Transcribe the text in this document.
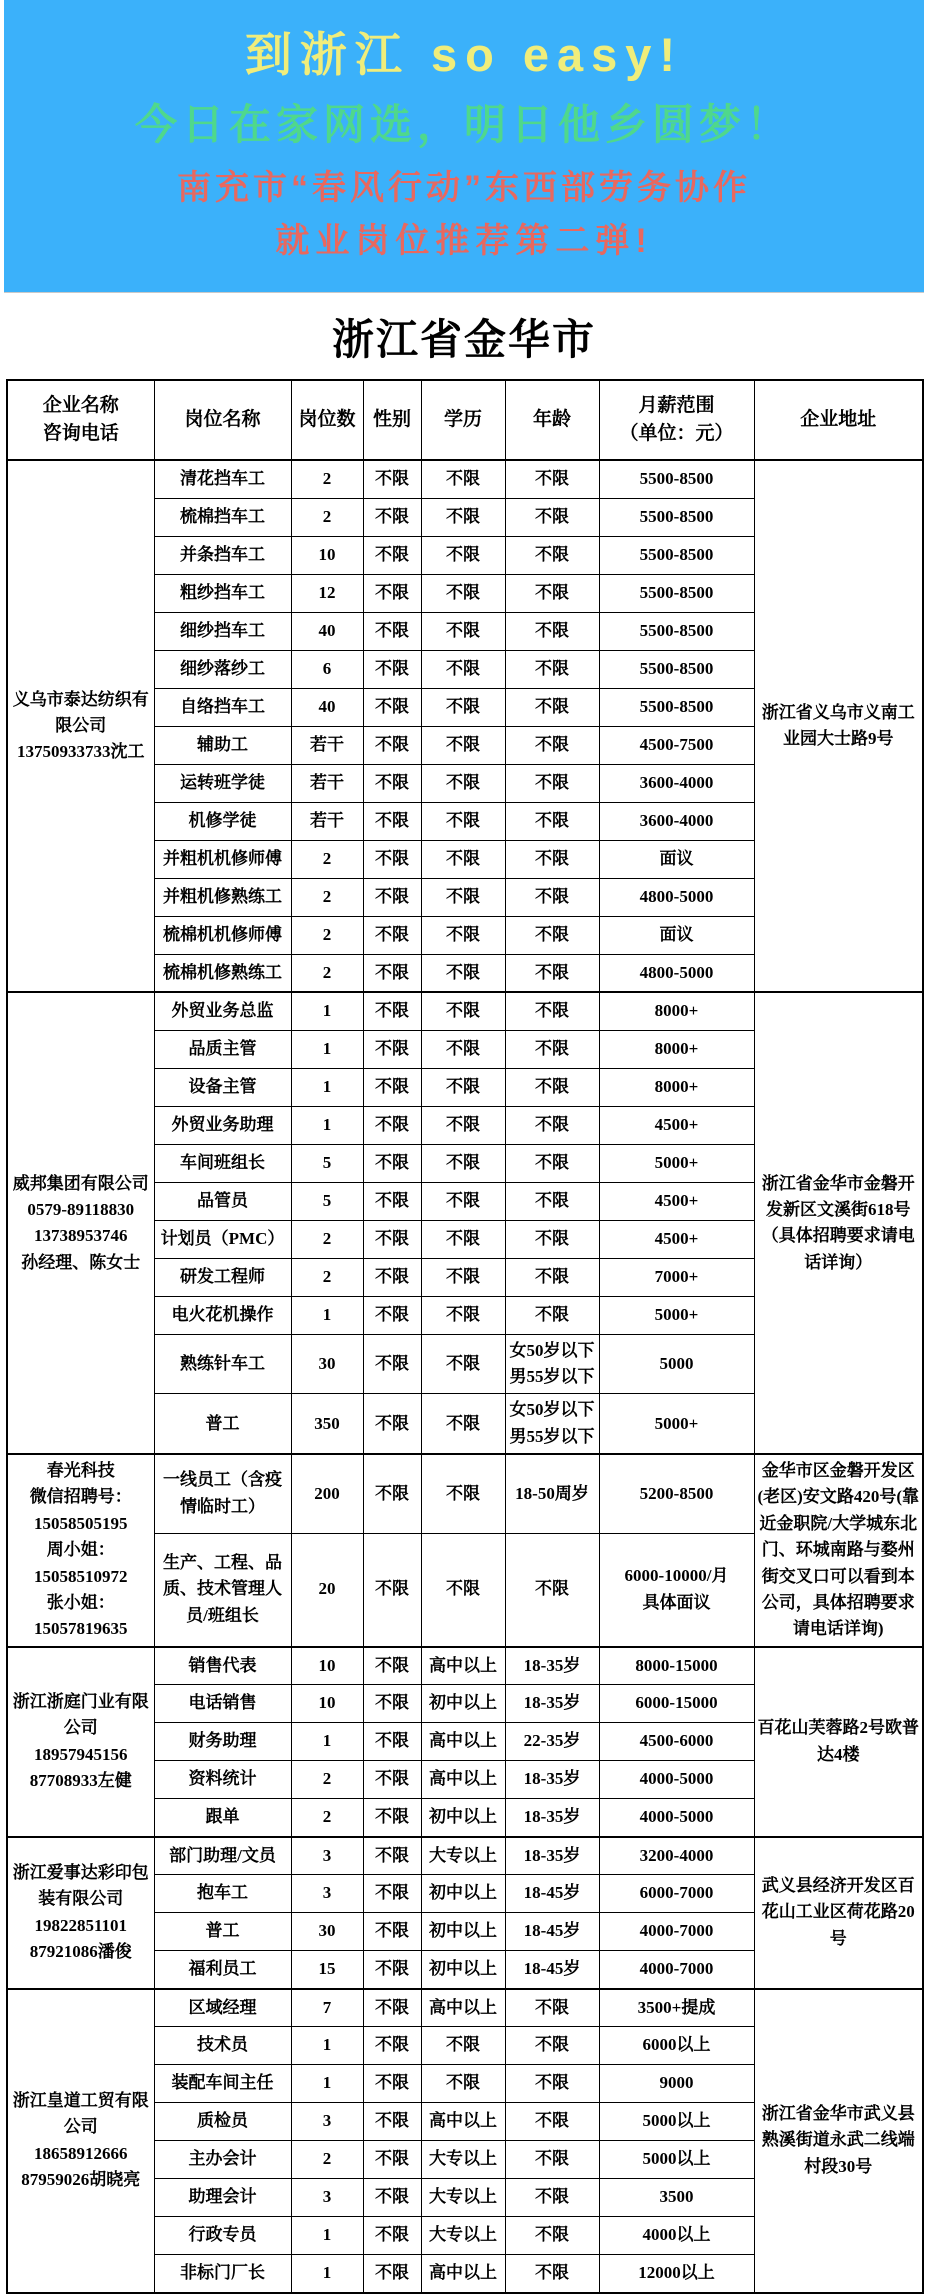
到浙江 so easy!
今日在家网选，明日他乡圆梦！
南充市“春风行动”东西部劳务协作
就业岗位推荐第二弹!
浙江省金华市
企业名称
咨询电话	岗位名称	岗位数	性别	学历	年龄	月薪范围
（单位：元）	企业地址

义乌市泰达纺织有限公司
13750933733沈工	清花挡车工	2	不限	不限	不限	5500-8500	浙江省义乌市义南工业园大士路9号
	梳棉挡车工	2	不限	不限	不限	5500-8500	
	并条挡车工	10	不限	不限	不限	5500-8500	
	粗纱挡车工	12	不限	不限	不限	5500-8500	
	细纱挡车工	40	不限	不限	不限	5500-8500	
	细纱落纱工	6	不限	不限	不限	5500-8500	
	自络挡车工	40	不限	不限	不限	5500-8500	
	辅助工	若干	不限	不限	不限	4500-7500	
	运转班学徒	若干	不限	不限	不限	3600-4000	
	机修学徒	若干	不限	不限	不限	3600-4000	
	并粗机机修师傅	2	不限	不限	不限	面议	
	并粗机修熟练工	2	不限	不限	不限	4800-5000	
	梳棉机机修师傅	2	不限	不限	不限	面议	
	梳棉机修熟练工	2	不限	不限	不限	4800-5000	

威邦集团有限公司
0579-89118830
13738953746
孙经理、陈女士	外贸业务总监	1	不限	不限	不限	8000+	浙江省金华市金磐开发新区文溪街618号（具体招聘要求请电话详询）
	品质主管	1	不限	不限	不限	8000+	
	设备主管	1	不限	不限	不限	8000+	
	外贸业务助理	1	不限	不限	不限	4500+	
	车间班组长	5	不限	不限	不限	5000+	
	品管员	5	不限	不限	不限	4500+	
	计划员（PMC）	2	不限	不限	不限	4500+	
	研发工程师	2	不限	不限	不限	7000+	
	电火花机操作	1	不限	不限	不限	5000+	
	熟练针车工	30	不限	不限	女50岁以下
男55岁以下	5000	
	普工	350	不限	不限	女50岁以下
男55岁以下	5000+	

春光科技
微信招聘号：
15058505195
周小姐：
15058510972
张小姐：
15057819635
	一线员工（含疫情临时工）	200	不限	不限	18-50周岁	5200-8500	金华市区金磐开发区(老区)安文路420号(靠近金职院/大学城东北门、环城南路与婺州街交叉口可以看到本公司，具体招聘要求请电话详询)
	生产、工程、品质、技术管理人员/班组长	20	不限	不限	不限	6000-10000/月
具体面议	

浙江浙庭门业有限公司
18957945156
87708933左健	销售代表	10	不限	高中以上	18-35岁	8000-15000	百花山芙蓉路2号欧普达4楼
	电话销售	10	不限	初中以上	18-35岁	6000-15000	
	财务助理	1	不限	高中以上	22-35岁	4500-6000	
	资料统计	2	不限	高中以上	18-35岁	4000-5000	
	跟单	2	不限	初中以上	18-35岁	4000-5000	

浙江爱事达彩印包装有限公司
19822851101
87921086潘俊	部门助理/文员	3	不限	大专以上	18-35岁	3200-4000	武义县经济开发区百花山工业区荷花路20号
	抱车工	3	不限	初中以上	18-45岁	6000-7000	
	普工	30	不限	初中以上	18-45岁	4000-7000	
	福利员工	15	不限	初中以上	18-45岁	4000-7000	

浙江皇道工贸有限公司
18658912666
87959026胡晓亮	区域经理	7	不限	高中以上	不限	3500+提成	浙江省金华市武义县熟溪街道永武二线端村段30号
	技术员	1	不限	不限	不限	6000以上	
	装配车间主任	1	不限	不限	不限	9000	
	质检员	3	不限	高中以上	不限	5000以上	
	主办会计	2	不限	大专以上	不限	5000以上	
	助理会计	3	不限	大专以上	不限	3500	
	行政专员	1	不限	大专以上	不限	4000以上	
	非标门厂长	1	不限	高中以上	不限	12000以上	
